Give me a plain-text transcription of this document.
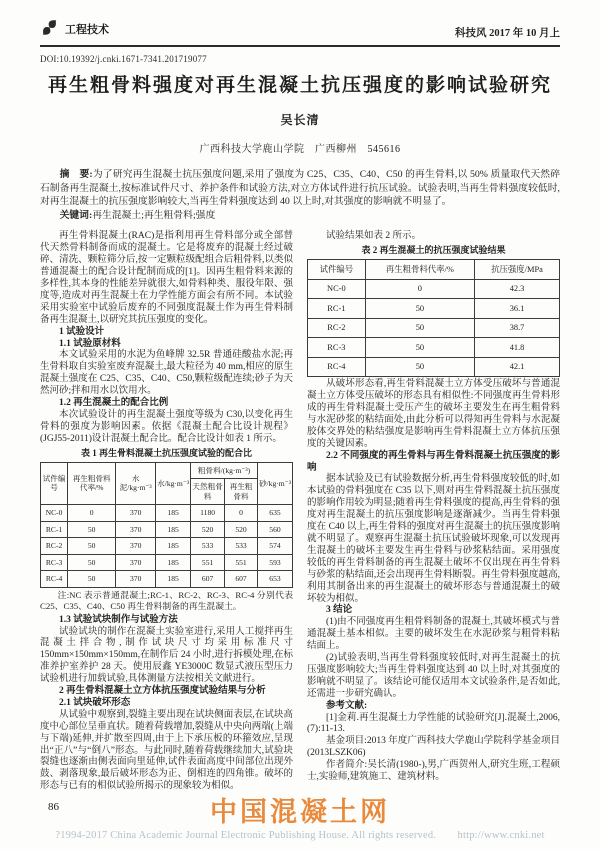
工程技术	科技风 2017 年 10 月上
DOI:10.19392/j.cnki.1671-7341.201719077
再生粗骨料强度对再生混凝土抗压强度的影响试验研究
吴长清
广西科技大学鹿山学院　广西柳州　545616

摘　要:为了研究再生混凝土抗压强度问题,采用了强度为 C25、C35、C40、C50 的再生骨料,以 50% 质量取代天然碎石制备再生混凝土,按标准试件尺寸、养护条件和试验方法,对立方体试件进行抗压试验。试验表明,当再生骨料强度较低时,对再生混凝土的抗压强度影响较大,当再生骨料强度达到 40 以上时,对其强度的影响就不明显了。

关键词:再生混凝土;再生粗骨料;强度

再生骨料混凝土(RAC)是指利用再生骨料部分或全部替代天然骨料制备而成的混凝土。它是将废弃的混凝土经过破碎、清洗、颗粒筛分后,按一定颗粒级配组合后粗骨料,以类似普通混凝土的配合设计配制而成的[1]。因再生粗骨料来源的多样性,其本身的性能差异就很大,如骨料种类、服役年限、强度等,造成对再生混凝土在力学性能方面会有所不同。本试验采用实验室中试验后废弃的不同强度混凝土作为再生骨料制备再生混凝土,以研究其抗压强度的变化。

1 试验设计

1.1 试验原材料

本文试验采用的水泥为鱼峰牌 32.5R 普通硅酸盐水泥;再生骨料取自实验室废弃混凝土,最大粒径为 40 mm,相应的原生混凝土强度在 C25、C35、C40、C50,颗粒级配连续;砂子为天然河砂;拌和用水以饮用水。

1.2 再生混凝土的配合比例

本次试验设计的再生混凝土强度等级为 C30,以变化再生骨料的强度为影响因素。依据《混凝土配合比设计规程》(JGJ55-2011)设计混凝土配合比。配合比设计如表 1 所示。

表 1 再生骨料混凝土抗压强度试验的配合比
试件编号	再生粗骨料代率/%	水泥/kg·m⁻³	水/kg·m⁻³	粗骨料/(kg·m⁻³)		砂/kg·m⁻³
				天然粗骨料	再生粗骨料	
NC-0	0	370	185	1180	0	635
RC-1	50	370	185	520	520	560
RC-2	50	370	185	533	533	574
RC-3	50	370	185	551	551	593
RC-4	50	370	185	607	607	653
注:NC 表示普通混凝土;RC-1、RC-2、RC-3、RC-4 分别代表 C25、C35、C40、C50 再生骨料制备的再生混凝土。

1.3 试验试块制作与试验方法

试验试块的制作在混凝土实验室进行,采用人工搅拌再生混凝土拌合物,制作试块尺寸均采用标准尺寸 150mm×150mm×150mm,在制作后 24 小时,进行拆模处理,在标准养护室养护 28 天。使用辰鑫 YE3000C 数显式液压型压力试验机进行加载试验,具体测量方法按相关文献进行。

2 再生骨料混凝土立方体抗压强度试验结果与分析

2.1 试块破坏形态

从试验中观察到,裂缝主要出现在试块侧面表层,在试块高度中心部位呈垂直状。随着荷载增加,裂缝从中央向两端(上端与下端)延伸,并扩散至四周,由于上下承压板的环箍效应,呈现出“正八”与“倒八”形态。与此同时,随着荷载继续加大,试验块裂缝也逐渐由侧表面向里延伸,试件表面高度中间部位出现外鼓、剥落现象,最后破坏形态为正、倒相连的四角锥。破坏的形态与已有的相似试验所揭示的现象较为相似。

试验结果如表 2 所示。

表 2 再生混凝土的抗压强度试验结果
试件编号	再生粗骨料代率/%	抗压强度/MPa
NC-0	0	42.3
RC-1	50	36.1
RC-2	50	38.7
RC-3	50	41.8
RC-4	50	42.1

从破坏形态看,再生骨料混凝土立方体受压破坏与普通混凝土立方体受压破坏的形态具有相似性:不同强度再生骨料形成的再生骨料混凝土受压产生的破坏主要发生在再生粗骨料与水泥砂浆的粘结面处,由此分析可以得知再生骨料与水泥凝胶体交界处的粘结强度是影响再生骨料混凝土立方体抗压强度的关键因素。

2.2 不同强度的再生骨料与再生骨料混凝土抗压强度的影响

据本试验及已有试验数据分析,再生骨料强度较低的时,如本试验的骨料强度在 C35 以下,则对再生骨料混凝土抗压强度的影响作用较为明显;随着再生骨料强度的提高,再生骨料的强度对再生混凝土的抗压强度影响是逐渐减少。当再生骨料强度在 C40 以上,再生骨料的强度对再生混凝土的抗压强度影响就不明显了。观察再生混凝土抗压试验破坏现象,可以发现再生混凝土的破坏主要发生再生骨料与砂浆粘结面。采用强度较低的再生骨料制备的再生混凝土破坏不仅出现在再生骨料与砂浆的粘结面,还会出现再生骨料断裂。再生骨料强度越高,利用其制备出来的再生混凝土的破坏形态与普通混凝土的破坏较为相似。

3 结论

(1)由不同强度再生粗骨料制备的混凝土,其破坏模式与普通混凝土基本相似。主要的破坏发生在水泥砂浆与粗骨料粘结面上。

(2)试验表明,当再生骨料强度较低时,对再生混凝土的抗压强度影响较大;当再生骨料强度达到 40 以上时,对其强度的影响就不明显了。该结论可能仅适用本文试验条件,是否如此,还需进一步研究确认。

参考文献:

[1]金莉.再生混凝土力学性能的试验研究[J].混凝土,2006,(7):11-13.

基金项目:2013 年度广西科技大学鹿山学院科学基金项目(2013LSZK06)

作者简介:吴长清(1980-),男,广西贺州人,研究生班,工程硕士,实验师,建筑施工、建筑材料。

86	中国混凝土网
?1994-2017 China Academic Journal Electronic Publishing House. All rights reserved.　　http://www.cnki.net
